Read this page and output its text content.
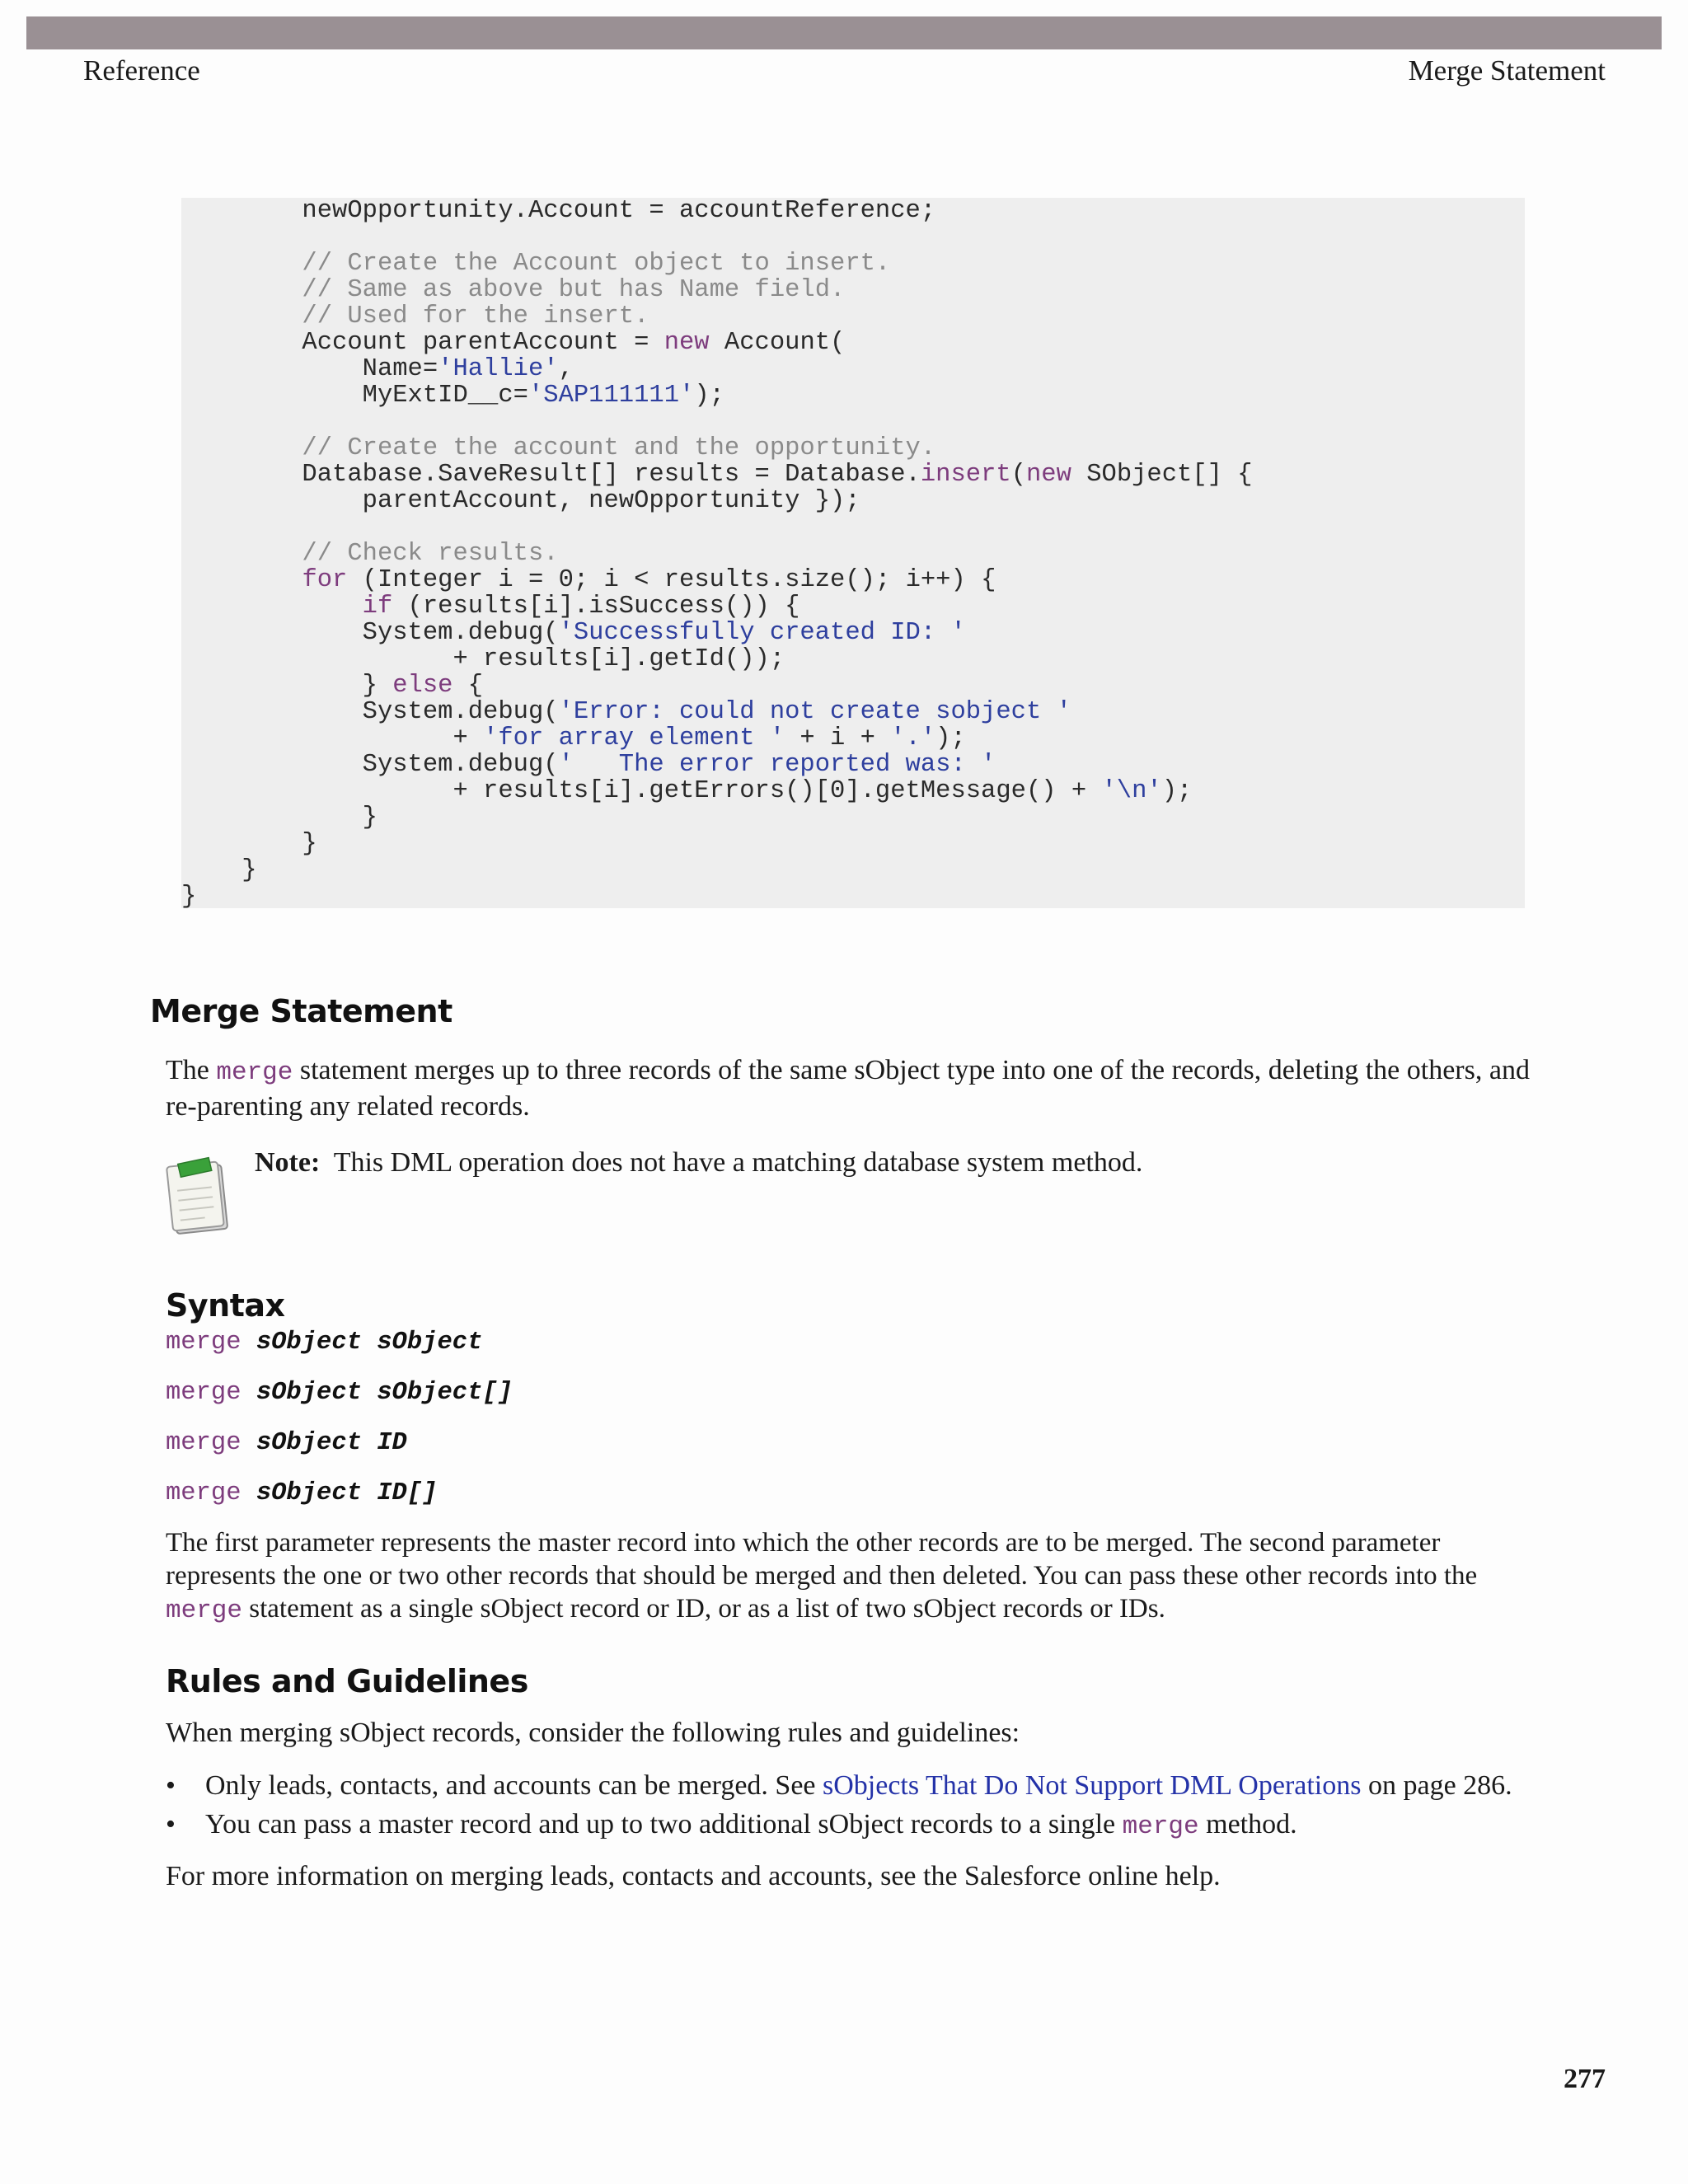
Reference	Merge Statement
newOpportunity.Account = accountReference;
// Create the Account object to insert.
// Same as above but has Name field.
// Used for the insert.
Account parentAccount = new Account(
Name='Hallie',
MyExtID__c='SAP111111');
// Create the account and the opportunity.
Database.SaveResult[] results = Database.insert(new SObject[] {
parentAccount, newOpportunity });
// Check results.
for (Integer i = 0; i < results.size(); i++) {
if (results[i].isSuccess()) {
System.debug('Successfully created ID: '
+ results[i].getId());
} else {
System.debug('Error: could not create sobject '
+ 'for array element ' + i + '.');
System.debug('   The error reported was: '
+ results[i].getErrors()[0].getMessage() + '\n');
}
}
}
}
Merge Statement

The merge statement merges up to three records of the same sObject type into one of the records, deleting the others, and re-parenting any related records.

Note: This DML operation does not have a matching database system method.
Syntax
merge sObject sObject
merge sObject sObject[]
merge sObject ID
merge sObject ID[]

The first parameter represents the master record into which the other records are to be merged. The second parameter represents the one or two other records that should be merged and then deleted. You can pass these other records into the merge statement as a single sObject record or ID, or as a list of two sObject records or IDs.

Rules and Guidelines

When merging sObject records, consider the following rules and guidelines:

• Only leads, contacts, and accounts can be merged. See sObjects That Do Not Support DML Operations on page 286.
• You can pass a master record and up to two additional sObject records to a single merge method.

For more information on merging leads, contacts and accounts, see the Salesforce online help.

277
